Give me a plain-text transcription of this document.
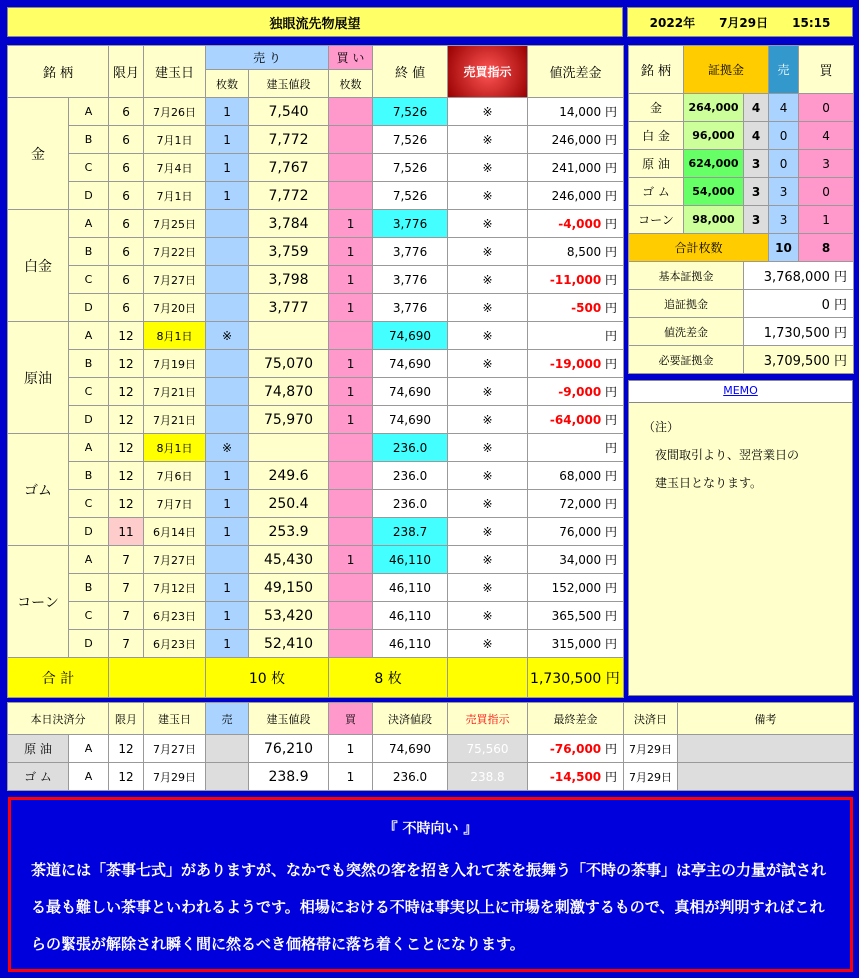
独眼流先物展望	2022年　　7月29日　　15:15
銘 柄		限月	建玉日	売 り		買 い	終 値	売買指示	値洗差金
				枚数	建玉値段	枚数			
金	A	6	7月26日	1	7,540		7,526	※	14,000 円
	B	6	7月1日	1	7,772		7,526	※	246,000 円
	C	6	7月4日	1	7,767		7,526	※	241,000 円
	D	6	7月1日	1	7,772		7,526	※	246,000 円
白金	A	6	7月25日		3,784	1	3,776	※	-4,000 円
	B	6	7月22日		3,759	1	3,776	※	8,500 円
	C	6	7月27日		3,798	1	3,776	※	-11,000 円
	D	6	7月20日		3,777	1	3,776	※	-500 円
原油	A	12	8月1日	※			74,690	※	円
	B	12	7月19日		75,070	1	74,690	※	-19,000 円
	C	12	7月21日		74,870	1	74,690	※	-9,000 円
	D	12	7月21日		75,970	1	74,690	※	-64,000 円
ゴム	A	12	8月1日	※			236.0	※	円
	B	12	7月6日	1	249.6		236.0	※	68,000 円
	C	12	7月7日	1	250.4		236.0	※	72,000 円
	D	11	6月14日	1	253.9		238.7	※	76,000 円
コーン	A	7	7月27日		45,430	1	46,110	※	34,000 円
	B	7	7月12日	1	49,150		46,110	※	152,000 円
	C	7	6月23日	1	53,420		46,110	※	365,500 円
	D	7	6月23日	1	52,410		46,110	※	315,000 円
合 計				10 枚		8 枚			1,730,500 円
銘 柄	証拠金		売	買
金	264,000	4	4	0
白 金	96,000	4	0	4
原 油	624,000	3	0	3
ゴ ム	54,000	3	3	0
コーン	98,000	3	3	1
合計枚数			10	8
基本証拠金		3,768,000 円		
追証拠金		0 円		
値洗差金		1,730,500 円		
必要証拠金		3,709,500 円		
MEMO
（注）
　夜間取引より、翌営業日の
　建玉日となります。
本日決済分		限月	建玉日	売	建玉値段	買	決済値段	売買指示	最終差金	決済日	備考
原 油	A	12	7月27日		76,210	1	74,690	75,560	-76,000 円	7月29日	
ゴ ム	A	12	7月29日		238.9	1	236.0	238.8	-14,500 円	7月29日	
『 不時向い 』
茶道には「茶事七式」がありますが、なかでも突然の客を招き入れて茶を振舞う「不時の茶事」は亭主の力量が試される最も難しい茶事といわれるようです。相場における不時は事実以上に市場を刺激するもので、真相が判明すればこれらの緊張が解除され瞬く間に然るべき価格帯に落ち着くことになります。
